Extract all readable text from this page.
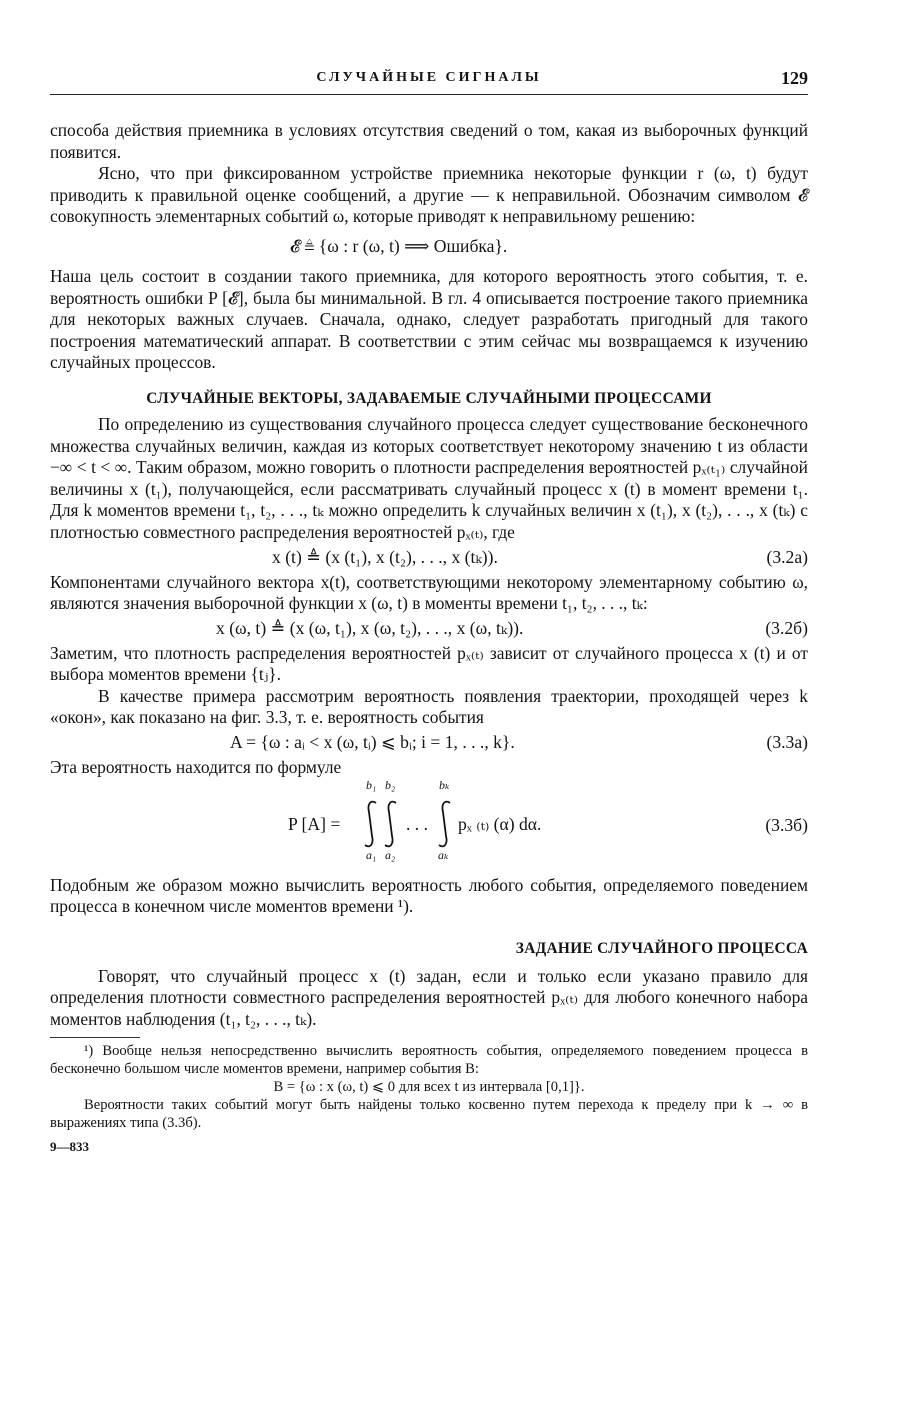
СЛУЧАЙНЫЕ СИГНАЛЫ	129

способа действия приемника в условиях отсутствия сведений о том, какая из выборочных функций появится.

Ясно, что при фиксированном устройстве приемника некоторые функции r (ω, t) будут приводить к правильной оценке сообщений, а другие — к неправильной. Обозначим символом 𝓔 совокупность элементарных событий ω, которые приводят к неправильному решению:

𝓔 ≜ {ω : r (ω, t) ⟹ Ошибка}.

Наша цель состоит в создании такого приемника, для которого вероятность этого события, т. е. вероятность ошибки P [𝓔], была бы минимальной. В гл. 4 описывается построение такого приемника для некоторых важных случаев. Сначала, однако, следует разработать пригодный для такого построения математический аппарат. В соответствии с этим сейчас мы возвращаемся к изучению случайных процессов.

СЛУЧАЙНЫЕ ВЕКТОРЫ, ЗАДАВАЕМЫЕ СЛУЧАЙНЫМИ ПРОЦЕССАМИ

По определению из существования случайного процесса следует существование бесконечного множества случайных величин, каждая из которых соответствует некоторому значению t из области −∞ < t < ∞. Таким образом, можно говорить о плотности распределения вероятностей pₓ₍ₜ₁₎ случайной величины x (t₁), получающейся, если рассматривать случайный процесс x (t) в момент времени t₁. Для k моментов времени t₁, t₂, . . ., tₖ можно определить k случайных величин x (t₁), x (t₂), . . ., x (tₖ) с плотностью совместного распределения вероятностей pₓ₍ₜ₎, где

x (t) ≜ (x (t₁), x (t₂), . . ., x (tₖ)).	(3.2а)

Компонентами случайного вектора x(t), соответствующими некоторому элементарному событию ω, являются значения выборочной функции x (ω, t) в моменты времени t₁, t₂, . . ., tₖ:

x (ω, t) ≜ (x (ω, t₁), x (ω, t₂), . . ., x (ω, tₖ)).	(3.2б)

Заметим, что плотность распределения вероятностей pₓ₍ₜ₎ зависит от случайного процесса x (t) и от выбора моментов времени {tⱼ}.

В качестве примера рассмотрим вероятность появления траектории, проходящей через k «окон», как показано на фиг. 3.3, т. е. вероятность события

A = {ω : aᵢ < x (ω, tᵢ) ⩽ bᵢ; i = 1, . . ., k}.	(3.3а)

Эта вероятность находится по формуле

P [A] =
b₁ b₂	bₖ
. . .
a₁ a₂	aₖ
pₓ ₍ₜ₎ (α) dα.	(3.3б)

Подобным же образом можно вычислить вероятность любого события, определяемого поведением процесса в конечном числе моментов времени ¹).

ЗАДАНИЕ СЛУЧАЙНОГО ПРОЦЕССА

Говорят, что случайный процесс x (t) задан, если и только если указано правило для определения плотности совместного распределения вероятностей pₓ₍ₜ₎ для любого конечного набора моментов наблюдения (t₁, t₂, . . ., tₖ).

¹) Вообще нельзя непосредственно вычислить вероятность события, определяемого поведением процесса в бесконечно большом числе моментов времени, например события B:
B = {ω : x (ω, t) ⩽ 0 для всех t из интервала [0,1]}.
Вероятности таких событий могут быть найдены только косвенно путем перехода к пределу при k → ∞ в выражениях типа (3.3б).
9—833
